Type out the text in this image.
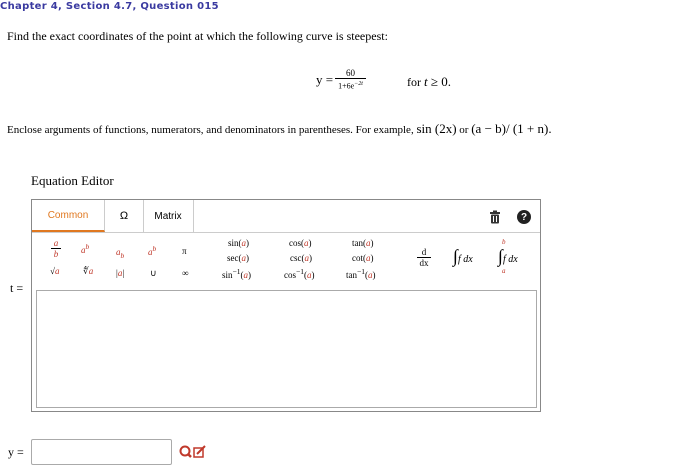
Chapter 4, Section 4.7, Question 015
Find the exact coordinates of the point at which the following curve is steepest:
$y = \frac{60}{1+6e^{-2t}}$	for t ≥ 0.
Enclose arguments of functions, numerators, and denominators in parentheses. For example, sin (2x) or (a − b)/ (1 + n).
Equation Editor
Common	Ω	Matrix	?
a
b	$a^b$
$a_b$	$a^b$	π
√a	∜a	|a|	∪	∞
sin(a)
sec(a)
$\sin^{-1}(a)$
cos(a)
csc(a)
$\cos^{-1}(a)$
tan(a)
cot(a)
$\tan^{-1}(a)$
d
dx ∫f dx
b
∫f dx
a
t =
y =
